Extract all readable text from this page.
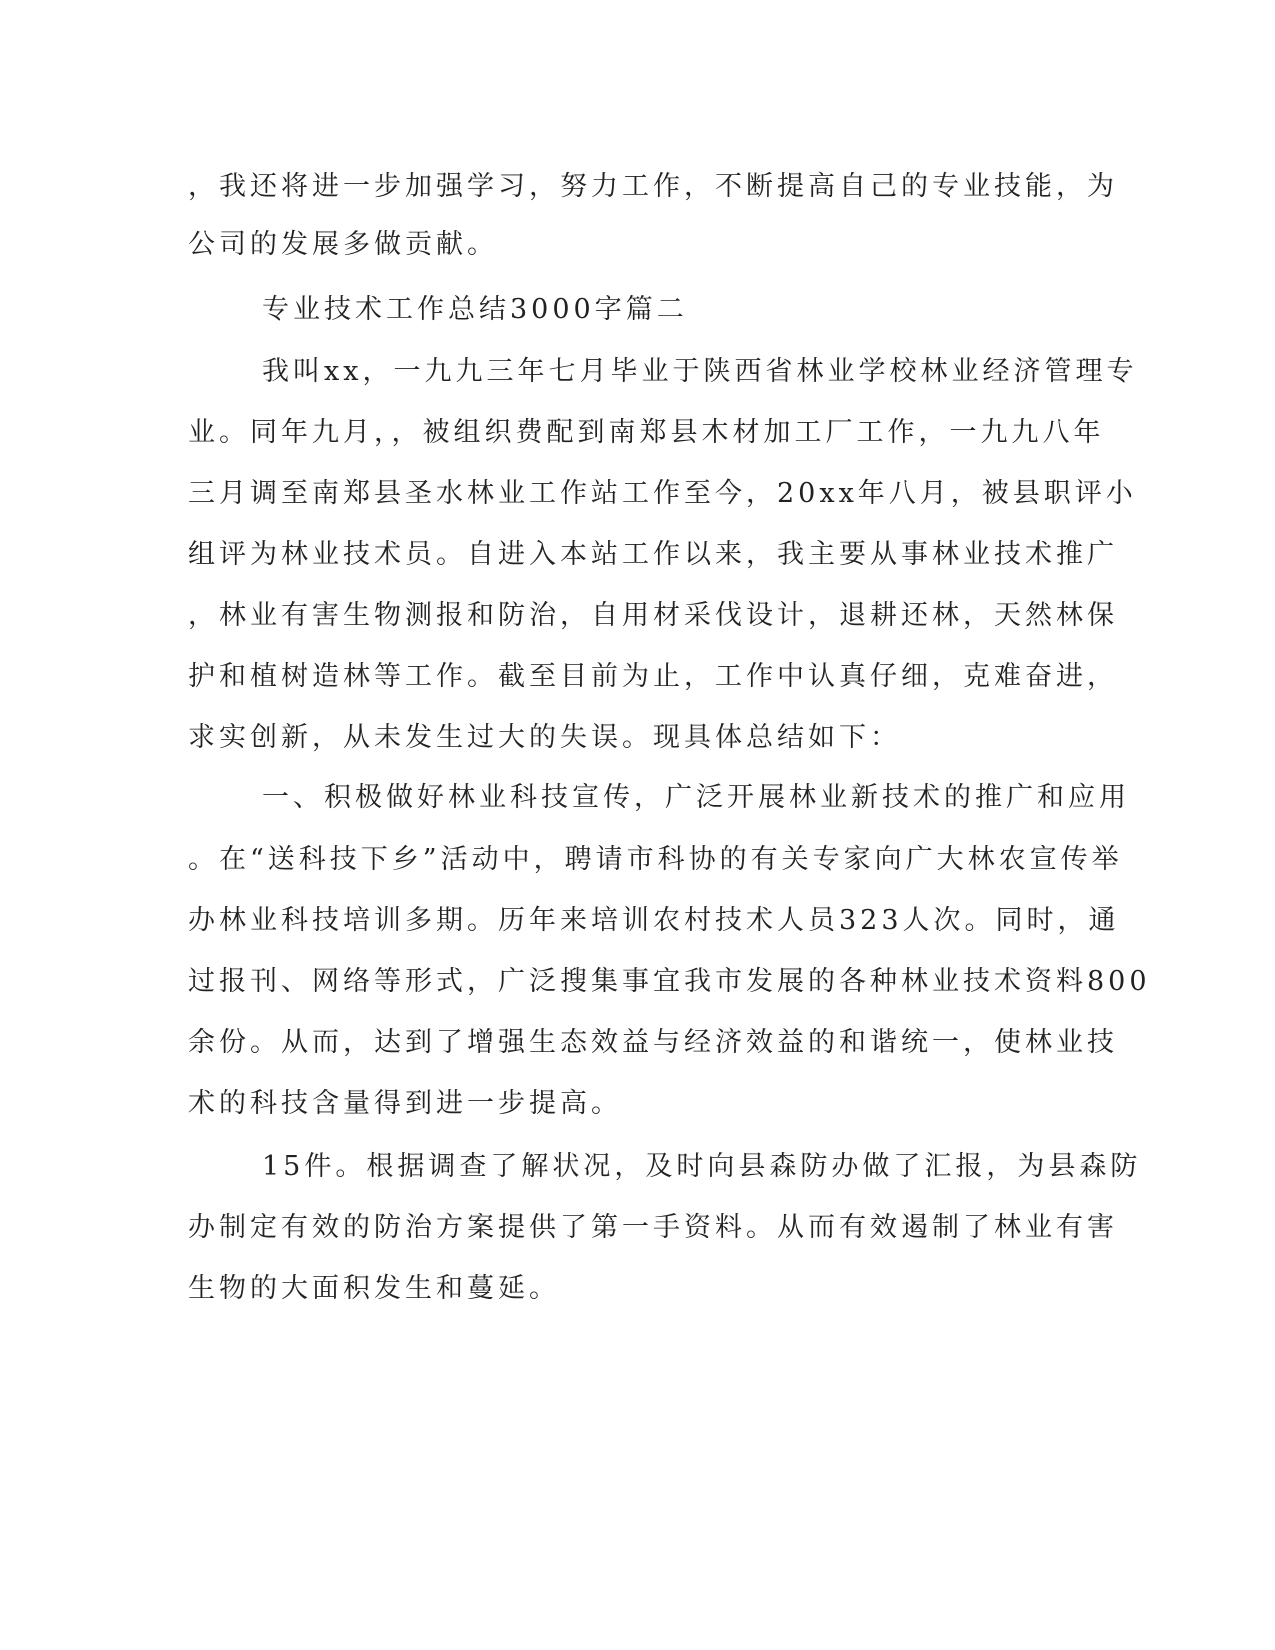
，我还将进一步加强学习，努力工作，不断提高自己的专业技能，为
公司的发展多做贡献。
专业技术工作总结3000字篇二
我叫xx，一九九三年七月毕业于陕西省林业学校林业经济管理专
业。同年九月，，被组织费配到南郑县木材加工厂工作，一九九八年
三月调至南郑县圣水林业工作站工作至今，20xx年八月，被县职评小
组评为林业技术员。自进入本站工作以来，我主要从事林业技术推广
，林业有害生物测报和防治，自用材采伐设计，退耕还林，天然林保
护和植树造林等工作。截至目前为止，工作中认真仔细，克难奋进，
求实创新，从未发生过大的失误。现具体总结如下：
一、积极做好林业科技宣传，广泛开展林业新技术的推广和应用
。在“送科技下乡”活动中，聘请市科协的有关专家向广大林农宣传举
办林业科技培训多期。历年来培训农村技术人员323人次。同时，通
过报刊、网络等形式，广泛搜集事宜我市发展的各种林业技术资料800
余份。从而，达到了增强生态效益与经济效益的和谐统一，使林业技
术的科技含量得到进一步提高。
15件。根据调查了解状况，及时向县森防办做了汇报，为县森防
办制定有效的防治方案提供了第一手资料。从而有效遏制了林业有害
生物的大面积发生和蔓延。
